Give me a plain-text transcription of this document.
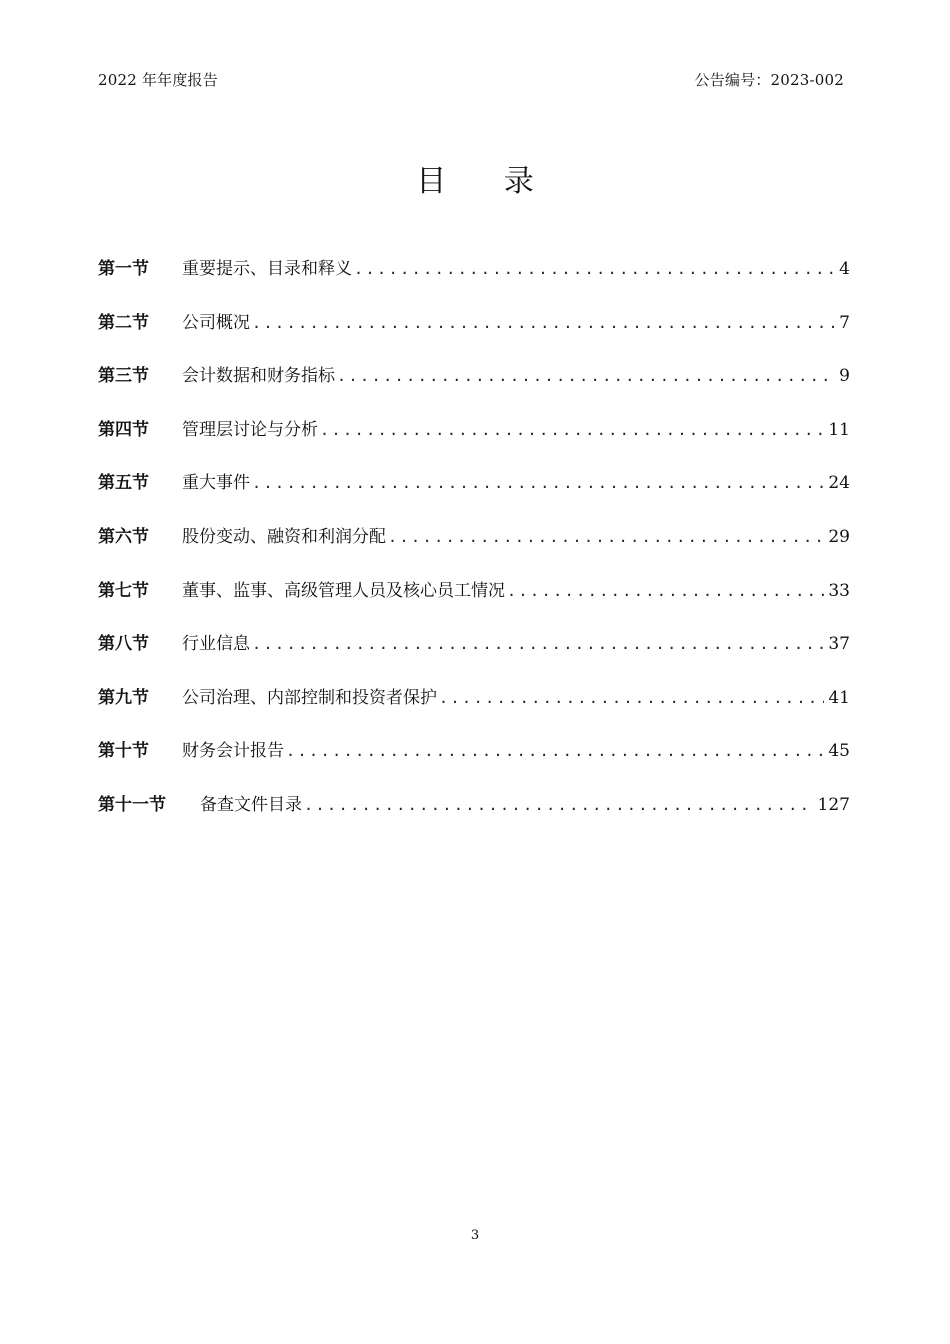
2022 年年度报告	公告编号：2023-002
目 录
第一节	重要提示、目录和释义 .....	4
第二节	公司概况 .....	7
第三节	会计数据和财务指标 .....	9
第四节	管理层讨论与分析 .....	11
第五节	重大事件 .....	24
第六节	股份变动、融资和利润分配 .....	29
第七节	董事、监事、高级管理人员及核心员工情况 .....	33
第八节	行业信息 .....	37
第九节	公司治理、内部控制和投资者保护 .....	41
第十节	财务会计报告 .....	45
第十一节	备查文件目录 .....	127
3
